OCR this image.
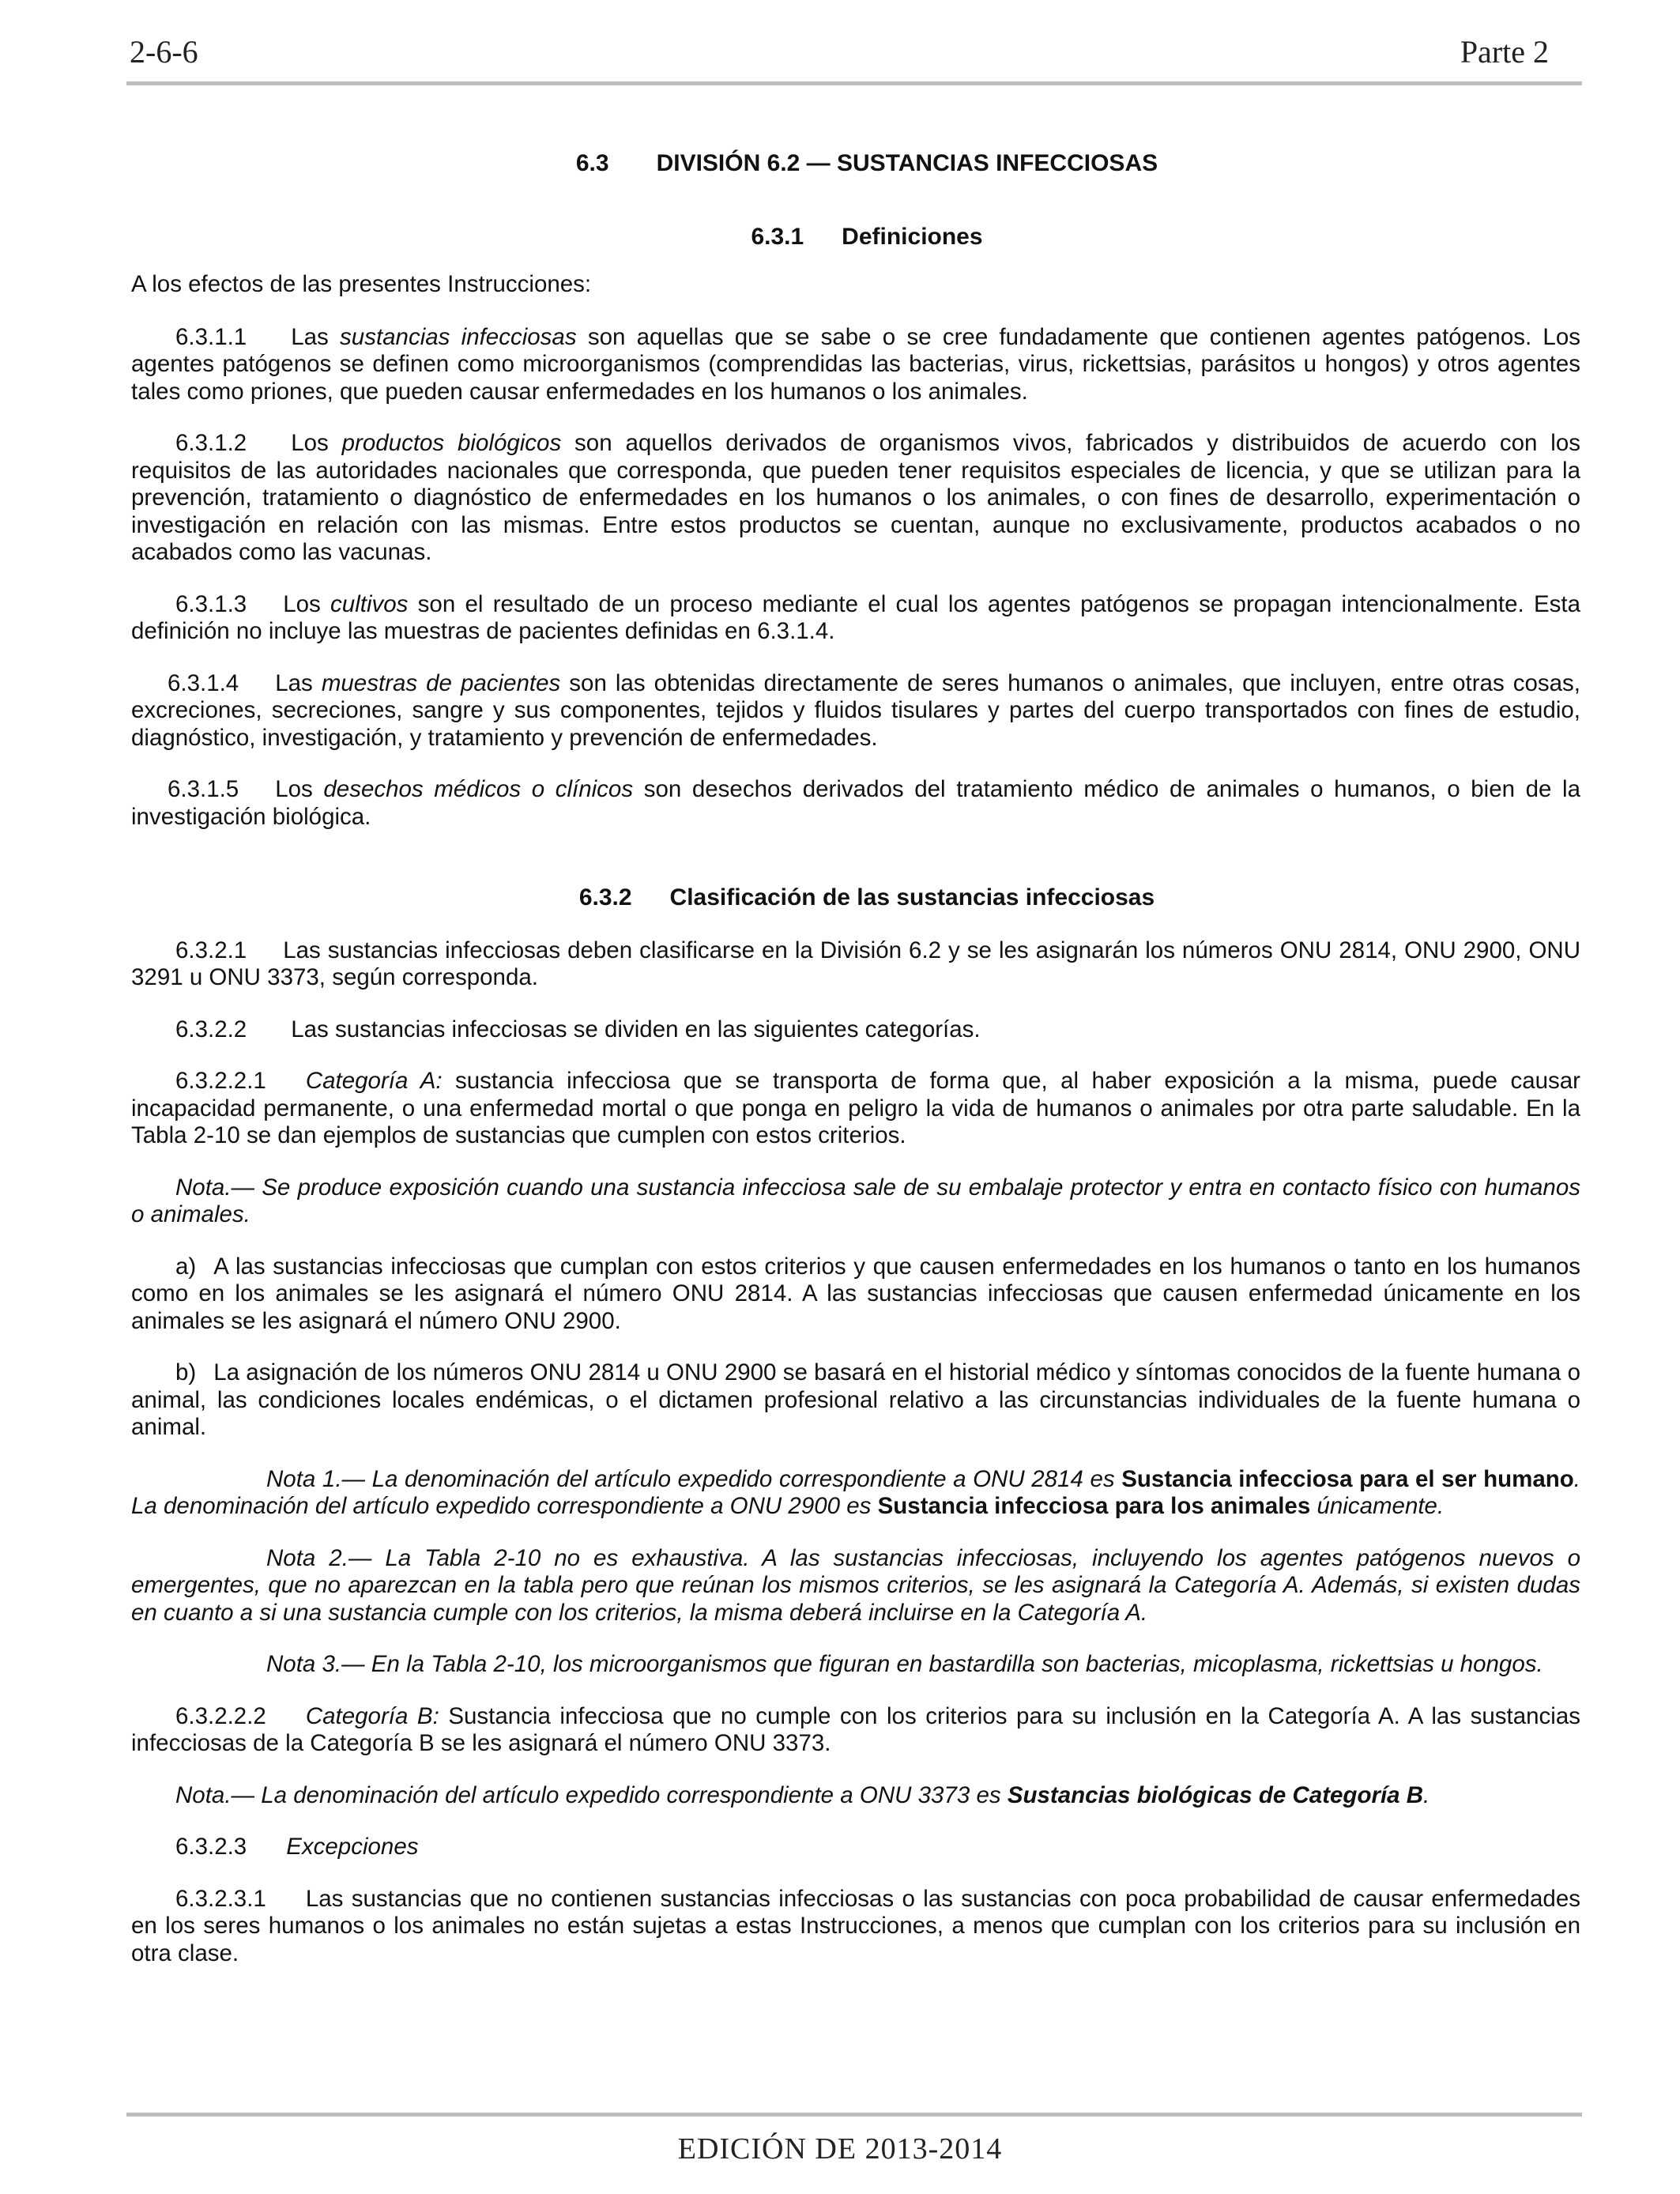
2-6-6	Parte 2
6.3 DIVISIÓN 6.2 — SUSTANCIAS INFECCIOSAS
6.3.1 Definiciones

A los efectos de las presentes Instrucciones:

6.3.1.1 Las sustancias infecciosas son aquellas que se sabe o se cree fundadamente que contienen agentes patógenos. Los agentes patógenos se definen como microorganismos (comprendidas las bacterias, virus, rickettsias, parásitos u hongos) y otros agentes tales como priones, que pueden causar enfermedades en los humanos o los animales.

6.3.1.2 Los productos biológicos son aquellos derivados de organismos vivos, fabricados y distribuidos de acuerdo con los requisitos de las autoridades nacionales que corresponda, que pueden tener requisitos especiales de licencia, y que se utilizan para la prevención, tratamiento o diagnóstico de enfermedades en los humanos o los animales, o con fines de desarrollo, experimentación o investigación en relación con las mismas. Entre estos productos se cuentan, aunque no exclusivamente, productos acabados o no acabados como las vacunas.

6.3.1.3 Los cultivos son el resultado de un proceso mediante el cual los agentes patógenos se propagan intencionalmente. Esta definición no incluye las muestras de pacientes definidas en 6.3.1.4.

6.3.1.4 Las muestras de pacientes son las obtenidas directamente de seres humanos o animales, que incluyen, entre otras cosas, excreciones, secreciones, sangre y sus componentes, tejidos y fluidos tisulares y partes del cuerpo transportados con fines de estudio, diagnóstico, investigación, y tratamiento y prevención de enfermedades.

6.3.1.5 Los desechos médicos o clínicos son desechos derivados del tratamiento médico de animales o humanos, o bien de la investigación biológica.

6.3.2 Clasificación de las sustancias infecciosas

6.3.2.1 Las sustancias infecciosas deben clasificarse en la División 6.2 y se les asignarán los números ONU 2814, ONU 2900, ONU 3291 u ONU 3373, según corresponda.

6.3.2.2 Las sustancias infecciosas se dividen en las siguientes categorías.

6.3.2.2.1 Categoría A: sustancia infecciosa que se transporta de forma que, al haber exposición a la misma, puede causar incapacidad permanente, o una enfermedad mortal o que ponga en peligro la vida de humanos o animales por otra parte saludable. En la Tabla 2-10 se dan ejemplos de sustancias que cumplen con estos criterios.

Nota.— Se produce exposición cuando una sustancia infecciosa sale de su embalaje protector y entra en contacto físico con humanos o animales.

a) A las sustancias infecciosas que cumplan con estos criterios y que causen enfermedades en los humanos o tanto en los humanos como en los animales se les asignará el número ONU 2814. A las sustancias infecciosas que causen enfermedad únicamente en los animales se les asignará el número ONU 2900.

b) La asignación de los números ONU 2814 u ONU 2900 se basará en el historial médico y síntomas conocidos de la fuente humana o animal, las condiciones locales endémicas, o el dictamen profesional relativo a las circunstancias individuales de la fuente humana o animal.

Nota 1.— La denominación del artículo expedido correspondiente a ONU 2814 es Sustancia infecciosa para el ser humano. La denominación del artículo expedido correspondiente a ONU 2900 es Sustancia infecciosa para los animales únicamente.

Nota 2.— La Tabla 2-10 no es exhaustiva. A las sustancias infecciosas, incluyendo los agentes patógenos nuevos o emergentes, que no aparezcan en la tabla pero que reúnan los mismos criterios, se les asignará la Categoría A. Además, si existen dudas en cuanto a si una sustancia cumple con los criterios, la misma deberá incluirse en la Categoría A.

Nota 3.— En la Tabla 2-10, los microorganismos que figuran en bastardilla son bacterias, micoplasma, rickettsias u hongos.

6.3.2.2.2 Categoría B: Sustancia infecciosa que no cumple con los criterios para su inclusión en la Categoría A. A las sustancias infecciosas de la Categoría B se les asignará el número ONU 3373.

Nota.— La denominación del artículo expedido correspondiente a ONU 3373 es Sustancias biológicas de Categoría B.

6.3.2.3 Excepciones

6.3.2.3.1 Las sustancias que no contienen sustancias infecciosas o las sustancias con poca probabilidad de causar enfermedades en los seres humanos o los animales no están sujetas a estas Instrucciones, a menos que cumplan con los criterios para su inclusión en otra clase.

EDICIÓN DE 2013-2014
